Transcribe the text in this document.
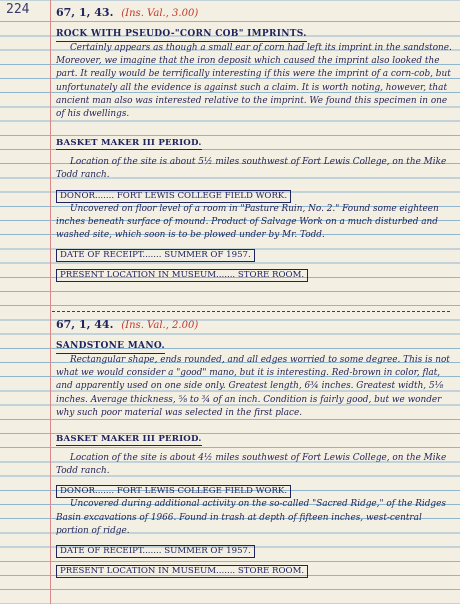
224 67, 1, 43. (Ins. Val., 3.00)
ROCK WITH PSEUDO-"CORN COB" IMPRINTS.

Certainly appears as though a small ear of corn had left its imprint in the sandstone. Moreover, we imagine that the iron deposit which caused the imprint also looked the part. It really would be terrifically interesting if this were the imprint of a corn-cob, but unfortunately all the evidence is against such a claim. It is worth noting, however, that ancient man also was interested relative to the imprint. We found this specimen in one of his dwellings.

BASKET MAKER III PERIOD.

Location of the site is about 5½ miles southwest of Fort Lewis College, on the Mike Todd ranch.

DONOR....... FORT LEWIS COLLEGE FIELD WORK.

Uncovered on floor level of a room in "Pasture Ruin, No. 2." Found some eighteen inches beneath surface of mound. Product of Salvage Work on a much disturbed and washed site, which soon is to be plowed under by Mr. Todd.

DATE OF RECEIPT....... SUMMER OF 1957.
PRESENT LOCATION IN MUSEUM....... STORE ROOM.
67, 1, 44. (Ins. Val., 2.00)
SANDSTONE MANO.

Rectangular shape, ends rounded, and all edges worried to some degree. This is not what we would consider a "good" mano, but it is interesting. Red-brown in color, flat, and apparently used on one side only. Greatest length, 6¾ inches. Greatest width, 5⅛ inches. Average thickness, ⅝ to ¾ of an inch. Condition is fairly good, but we wonder why such poor material was selected in the first place.

BASKET MAKER III PERIOD.

Location of the site is about 4½ miles southwest of Fort Lewis College, on the Mike Todd ranch.

DONOR....... FORT LEWIS COLLEGE FIELD WORK.

Uncovered during additional activity on the so-called "Sacred Ridge," of the Ridges Basin excavations of 1966. Found in trash at depth of fifteen inches, west-central portion of ridge.

DATE OF RECEIPT....... SUMMER OF 1957.
PRESENT LOCATION IN MUSEUM....... STORE ROOM.
